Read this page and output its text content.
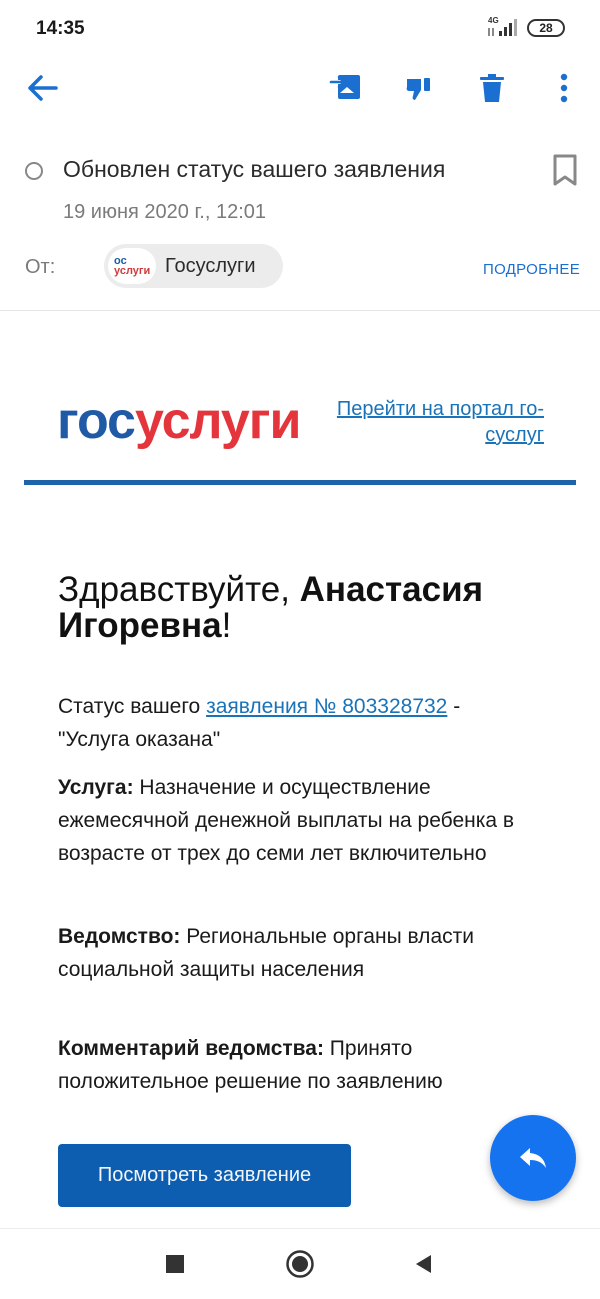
14:35	4G
28
Обновлен статус вашего заявления
19 июня 2020 г., 12:01
От:	ос
услуги Госуслуги	ПОДРОБНЕЕ
госуслуги	Перейти на портал го-
суслуг
Здравствуйте, Анастасия Игоревна!
Статус вашего заявления № 803328732 - "Услуга оказана"
Услуга: Назначение и осуществление ежемесячной денежной выплаты на ребенка в возрасте от трех до семи лет включительно
Ведомство: Региональные органы власти социальной защиты населения
Комментарий ведомства: Принято положительное решение по заявлению
Посмотреть заявление
